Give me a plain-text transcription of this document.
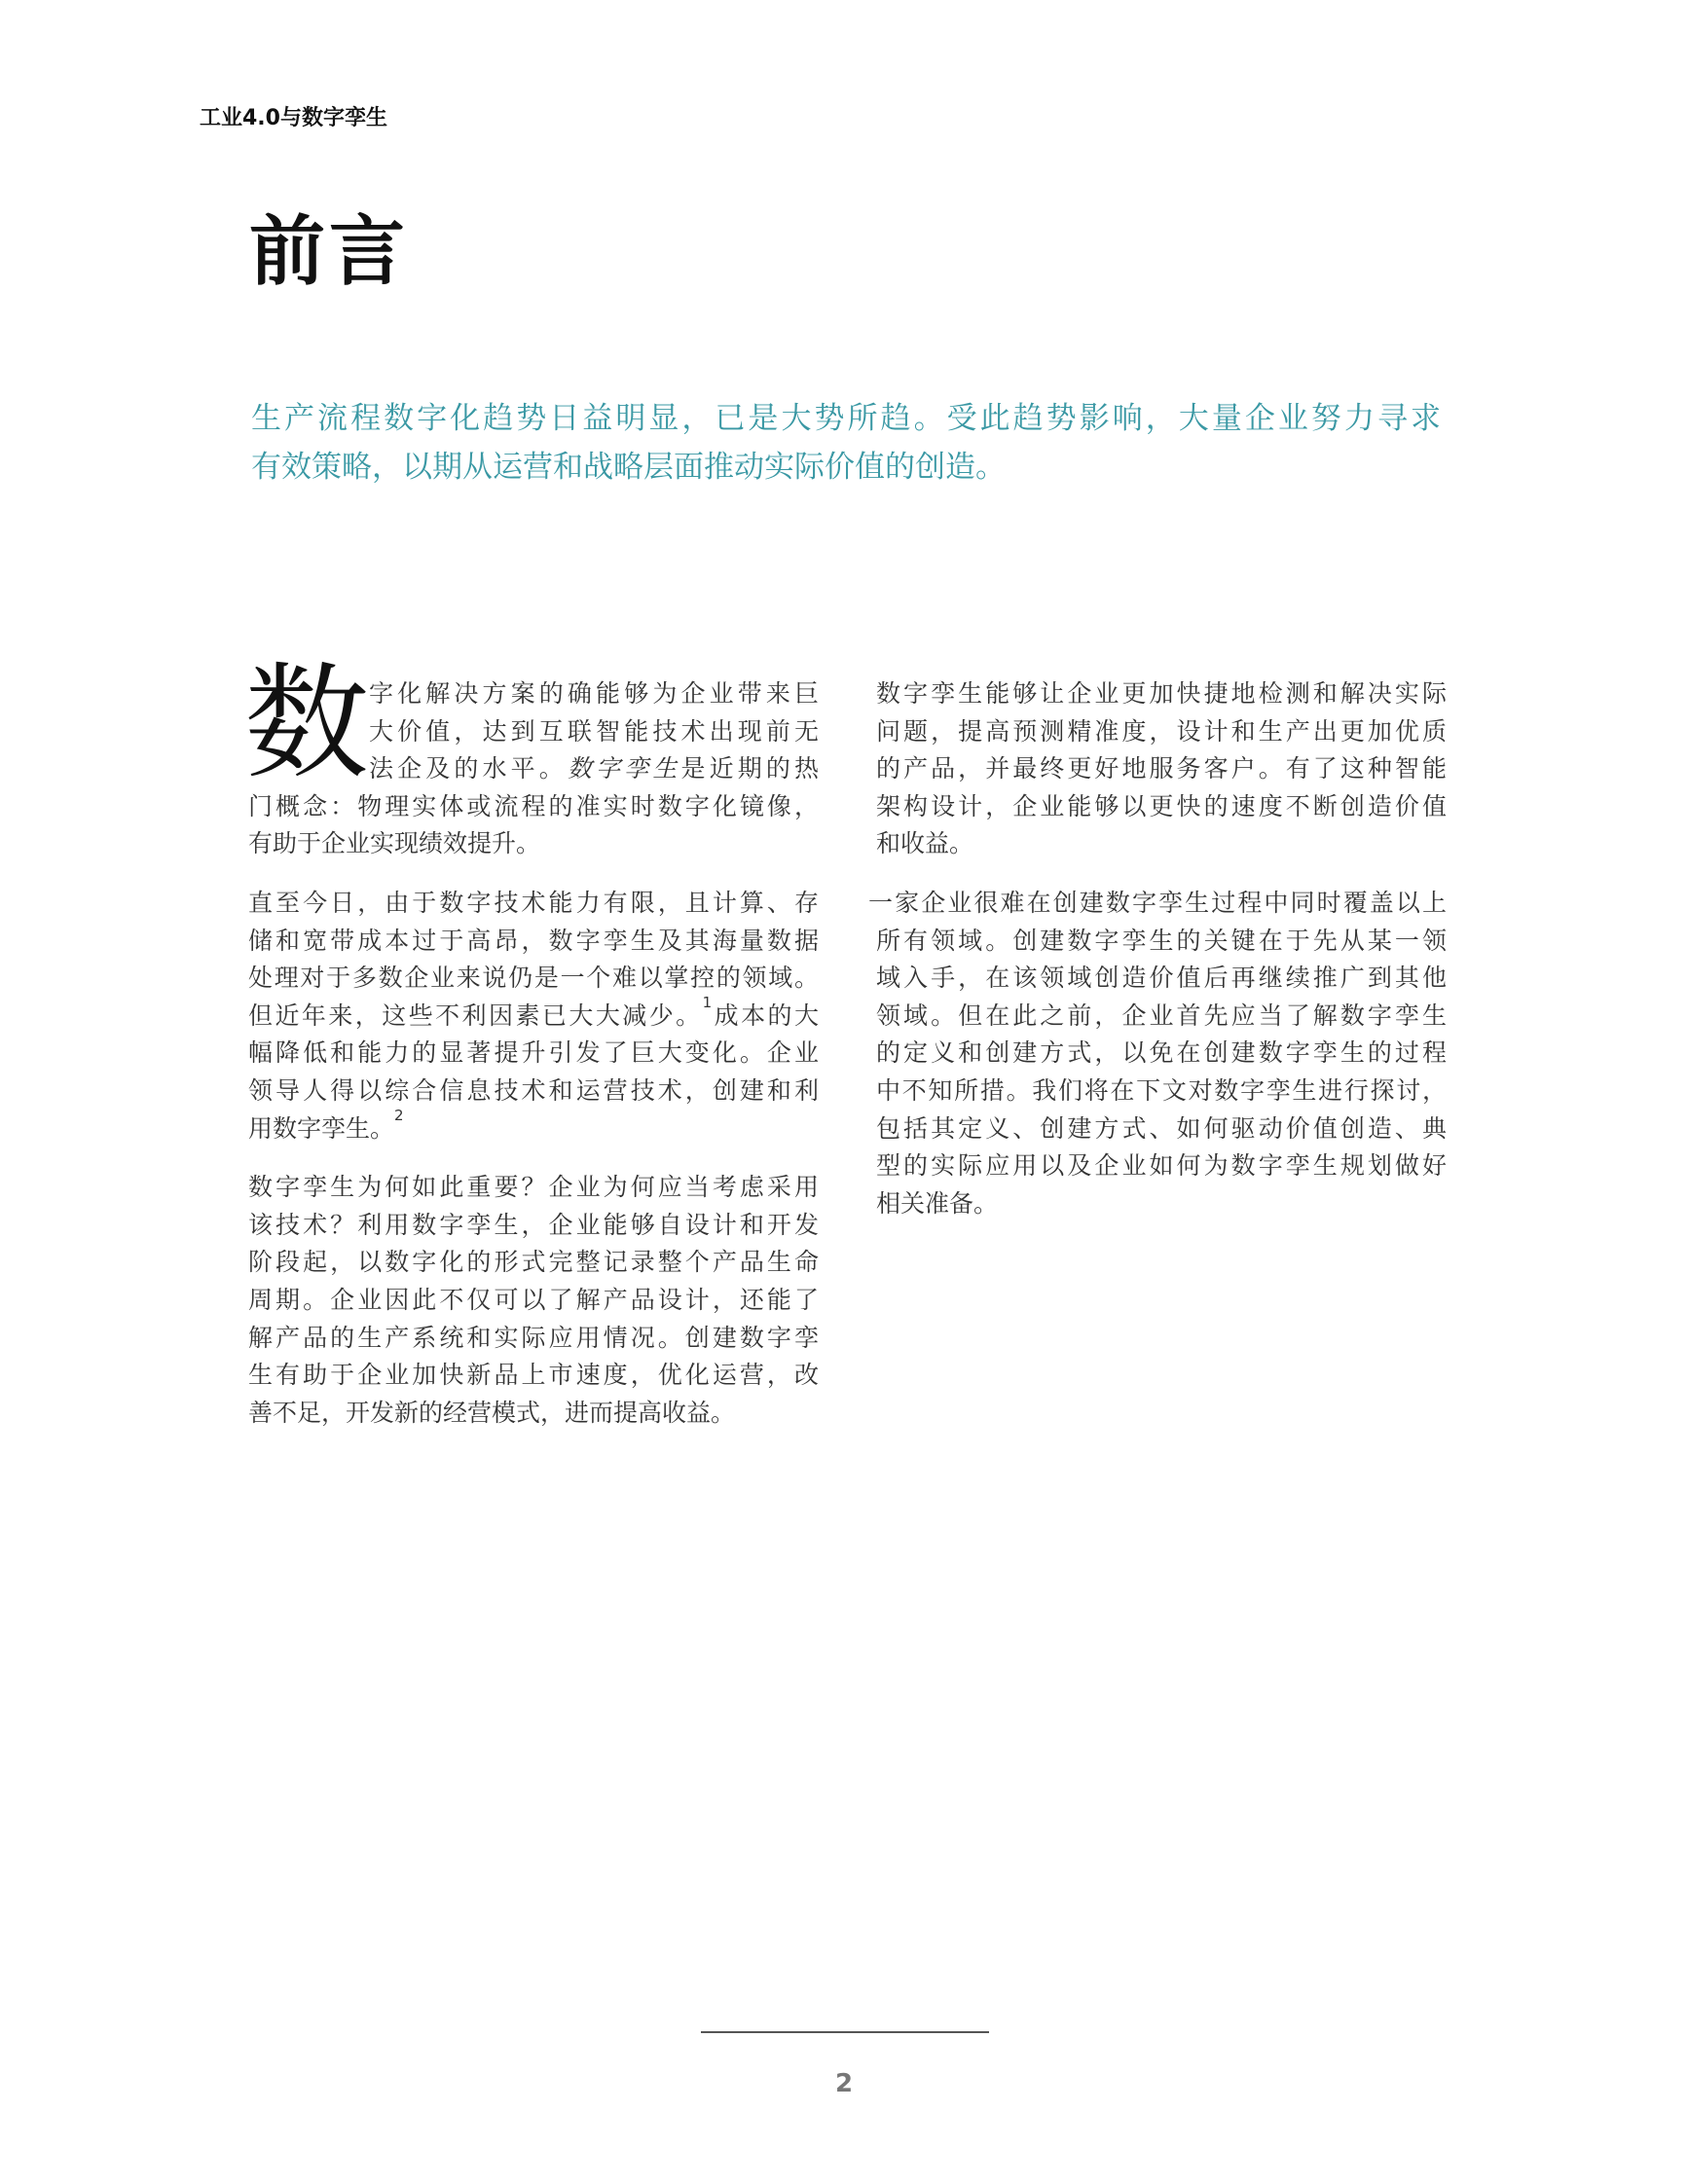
工业4.0与数字孪生
前言
生产流程数字化趋势日益明显，已是大势所趋。受此趋势影响，大量企业努力寻求
有效策略，以期从运营和战略层面推动实际价值的创造。
数 字化解决方案的确能够为企业带来巨
大价值，达到互联智能技术出现前无
法企及的水平。数字孪生是近期的热
门概念：物理实体或流程的准实时数字化镜像，
有助于企业实现绩效提升。
直至今日，由于数字技术能力有限，且计算、存
储和宽带成本过于高昂，数字孪生及其海量数据
处理对于多数企业来说仍是一个难以掌控的领域。
但近年来，这些不利因素已大大减少。$^1$成本的大
幅降低和能力的显著提升引发了巨大变化。企业
领导人得以综合信息技术和运营技术，创建和利
用数字孪生。$^2$
数字孪生为何如此重要？企业为何应当考虑采用
该技术？利用数字孪生，企业能够自设计和开发
阶段起，以数字化的形式完整记录整个产品生命
周期。企业因此不仅可以了解产品设计，还能了
解产品的生产系统和实际应用情况。创建数字孪
生有助于企业加快新品上市速度，优化运营，改
善不足，开发新的经营模式，进而提高收益。
数字孪生能够让企业更加快捷地检测和解决实际
问题，提高预测精准度，设计和生产出更加优质
的产品，并最终更好地服务客户。有了这种智能
架构设计，企业能够以更快的速度不断创造价值
和收益。
一家企业很难在创建数字孪生过程中同时覆盖以上
所有领域。创建数字孪生的关键在于先从某一领
域入手，在该领域创造价值后再继续推广到其他
领域。但在此之前，企业首先应当了解数字孪生
的定义和创建方式，以免在创建数字孪生的过程
中不知所措。我们将在下文对数字孪生进行探讨，
包括其定义、创建方式、如何驱动价值创造、典
型的实际应用以及企业如何为数字孪生规划做好
相关准备。
2
